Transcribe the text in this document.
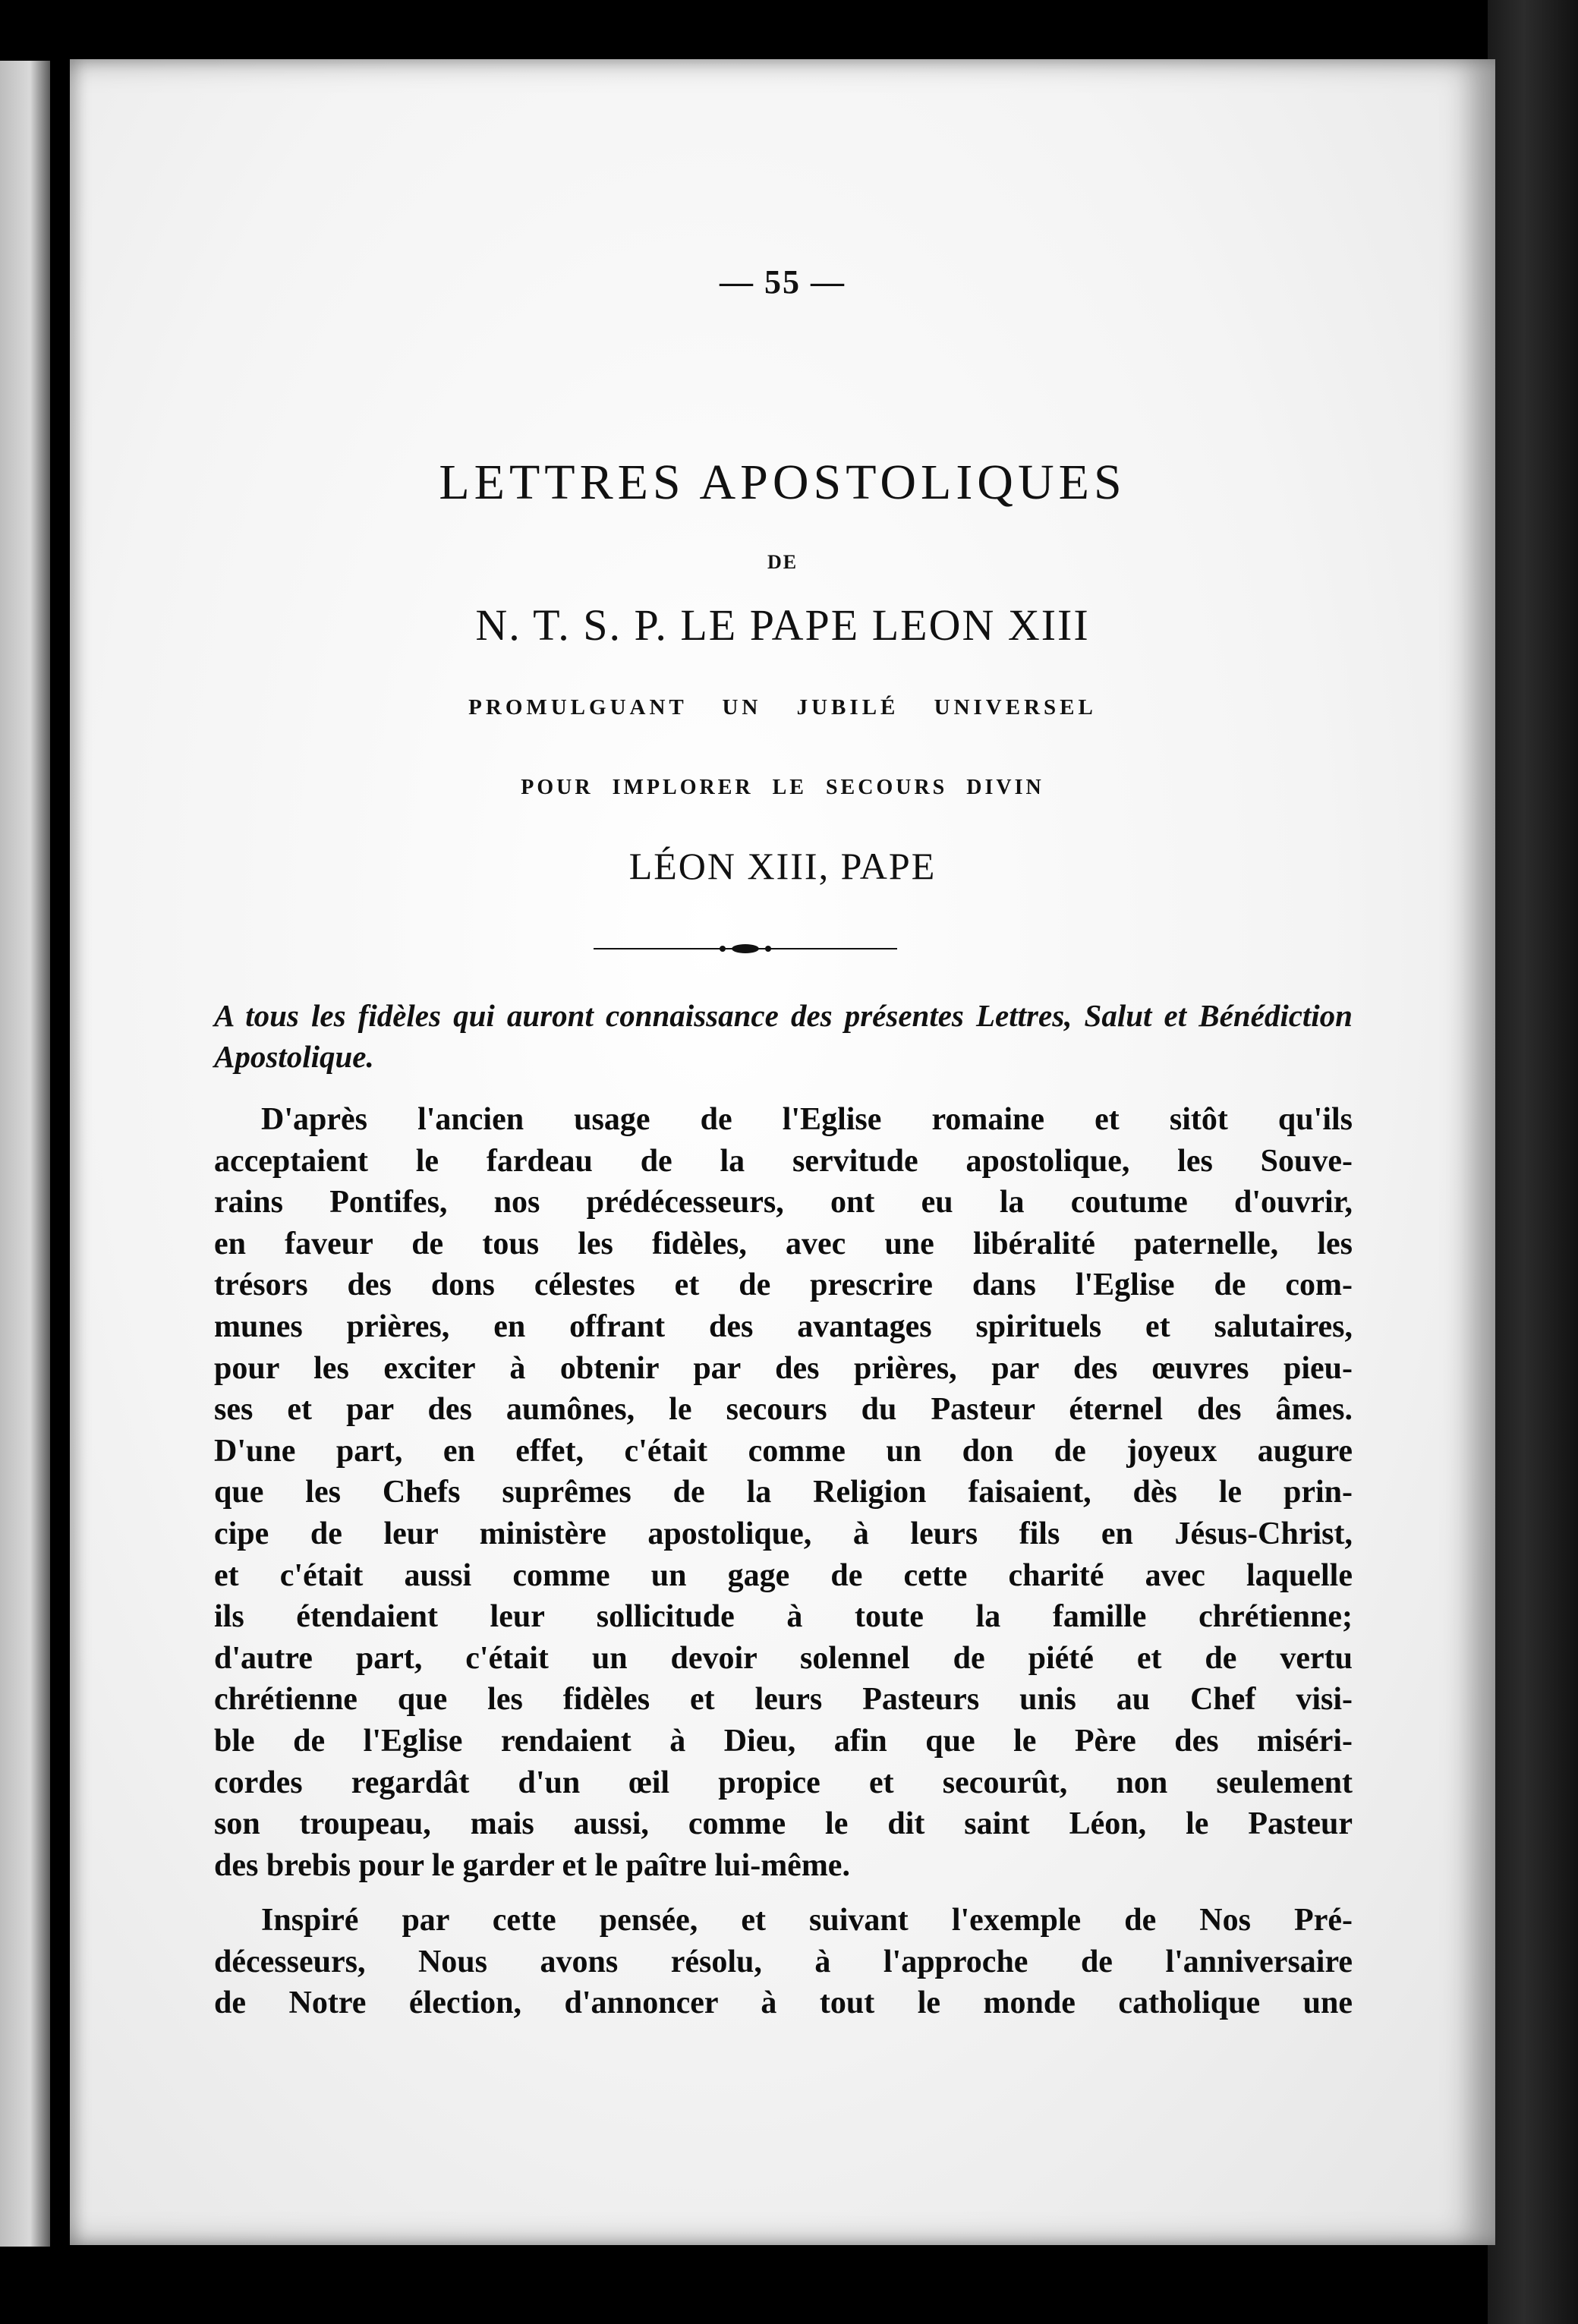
— 55 —
LETTRES APOSTOLIQUES
DE
N. T. S. P. LE PAPE LEON XIII
PROMULGUANT UN JUBILÉ UNIVERSEL
POUR IMPLORER LE SECOURS DIVIN
LÉON XIII, PAPE
A tous les fidèles qui auront connaissance des présentes Lettres, Salut et Bénédiction Apostolique.
D'après l'ancien usage de l'Eglise romaine et sitôt qu'ils
acceptaient le fardeau de la servitude apostolique, les Souve-
rains Pontifes, nos prédécesseurs, ont eu la coutume d'ouvrir,
en faveur de tous les fidèles, avec une libéralité paternelle, les
trésors des dons célestes et de prescrire dans l'Eglise de com-
munes prières, en offrant des avantages spirituels et salutaires,
pour les exciter à obtenir par des prières, par des œuvres pieu-
ses et par des aumônes, le secours du Pasteur éternel des âmes.
D'une part, en effet, c'était comme un don de joyeux augure
que les Chefs suprêmes de la Religion faisaient, dès le prin-
cipe de leur ministère apostolique, à leurs fils en Jésus-Christ,
et c'était aussi comme un gage de cette charité avec laquelle
ils étendaient leur sollicitude à toute la famille chrétienne;
d'autre part, c'était un devoir solennel de piété et de vertu
chrétienne que les fidèles et leurs Pasteurs unis au Chef visi-
ble de l'Eglise rendaient à Dieu, afin que le Père des miséri-
cordes regardât d'un œil propice et secourût, non seulement
son troupeau, mais aussi, comme le dit saint Léon, le Pasteur
des brebis pour le garder et le paître lui-même.
Inspiré par cette pensée, et suivant l'exemple de Nos Pré-
décesseurs, Nous avons résolu, à l'approche de l'anniversaire
de Notre élection, d'annoncer à tout le monde catholique une
